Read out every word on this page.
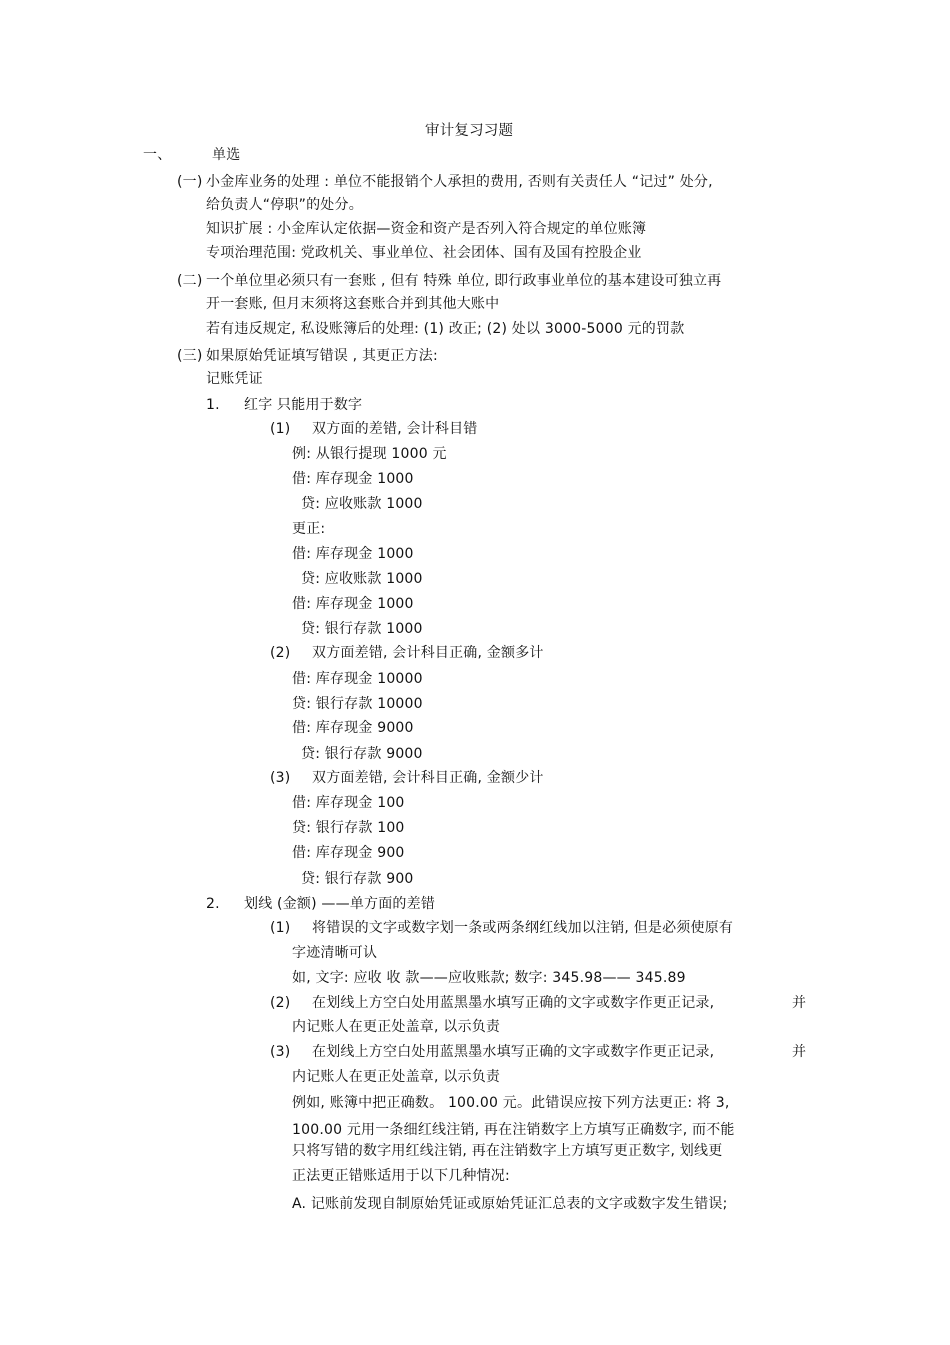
审计复习习题
一、	单选
(一) 小金库业务的处理 : 单位不能报销个人承担的费用, 否则有关责任人 “记过” 处分,
给负责人“停职”的处分。
知识扩展 : 小金库认定依据—资金和资产是否列入符合规定的单位账簿
专项治理范围: 党政机关、事业单位、社会团体、国有及国有控股企业
(二) 一个单位里必须只有一套账 , 但有 特殊 单位, 即行政事业单位的基本建设可独立再
开一套账, 但月末须将这套账合并到其他大账中
若有违反规定, 私设账簿后的处理: (1) 改正; (2) 处以 3000-5000 元的罚款
(三) 如果原始凭证填写错误 , 其更正方法:
记账凭证
1. 红字 只能用于数字
(1) 双方面的差错, 会计科目错
例: 从银行提现 1000 元
借: 库存现金 1000
贷: 应收账款 1000
更正:
借: 库存现金 1000
贷: 应收账款 1000
借: 库存现金 1000
贷: 银行存款 1000
(2) 双方面差错, 会计科目正确, 金额多计
借: 库存现金 10000
贷: 银行存款 10000
借: 库存现金 9000
贷: 银行存款 9000
(3) 双方面差错, 会计科目正确, 金额少计
借: 库存现金 100
贷: 银行存款 100
借: 库存现金 900
贷: 银行存款 900
2. 划线 (金额) ——单方面的差错
(1) 将错误的文字或数字划一条或两条纲红线加以注销, 但是必须使原有
字迹清晰可认
如, 文字: 应收 收 款——应收账款; 数字: 345.98—— 345.89
(2) 在划线上方空白处用蓝黑墨水填写正确的文字或数字作更正记录,	并
内记账人在更正处盖章, 以示负责
(3) 在划线上方空白处用蓝黑墨水填写正确的文字或数字作更正记录,	并
内记账人在更正处盖章, 以示负责
例如, 账簿中把正确数。 100.00 元。此错误应按下列方法更正: 将 3,
100.00 元用一条细红线注销, 再在注销数字上方填写正确数字, 而不能
只将写错的数字用红线注销, 再在注销数字上方填写更正数字, 划线更
正法更正错账适用于以下几种情况:
A. 记账前发现自制原始凭证或原始凭证汇总表的文字或数字发生错误;
